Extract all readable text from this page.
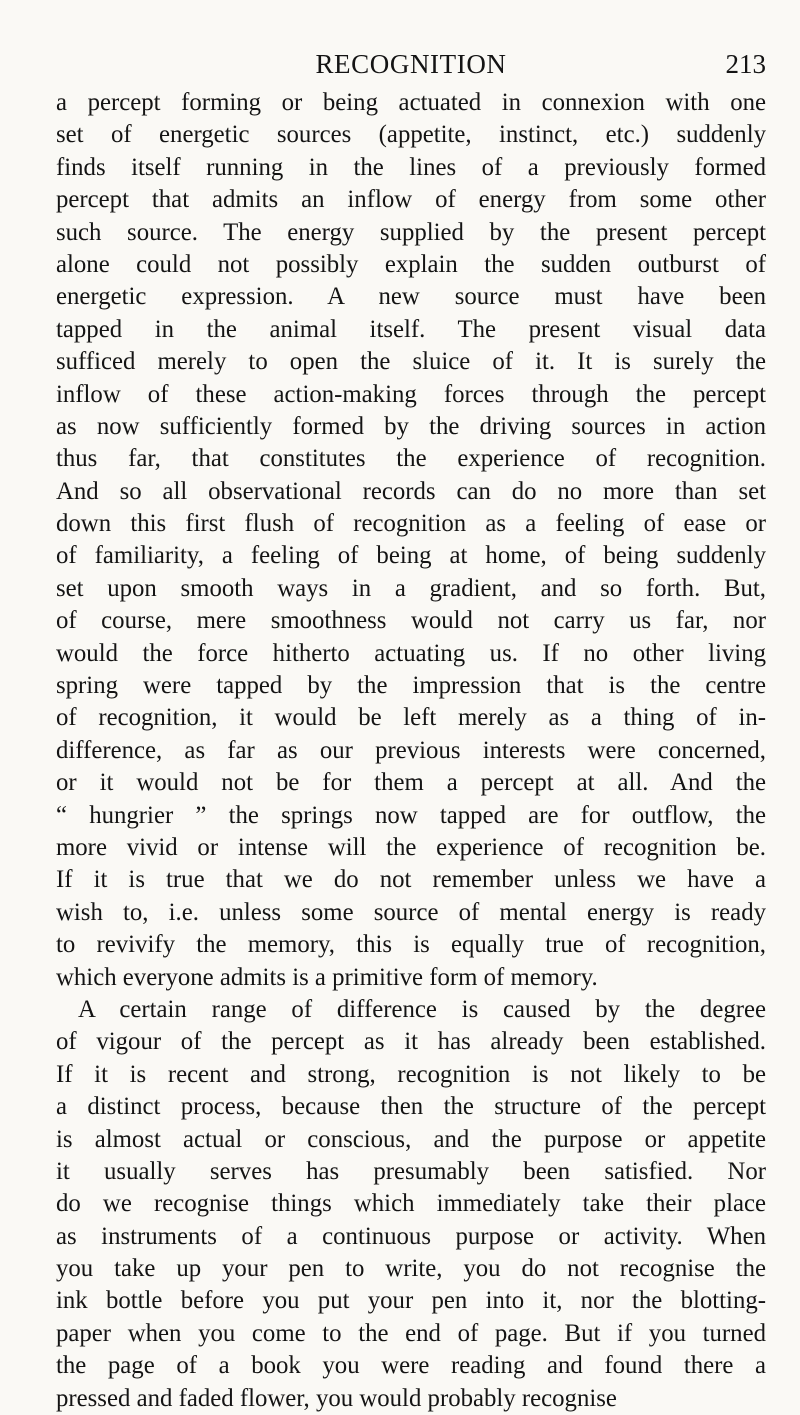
RECOGNITION	213
a percept forming or being actuated in connexion with one
set of energetic sources (appetite, instinct, etc.) suddenly
finds itself running in the lines of a previously formed
percept that admits an inflow of energy from some other
such source. The energy supplied by the present percept
alone could not possibly explain the sudden outburst of
energetic expression. A new source must have been
tapped in the animal itself. The present visual data
sufficed merely to open the sluice of it. It is surely the
inflow of these action-making forces through the percept
as now sufficiently formed by the driving sources in action
thus far, that constitutes the experience of recognition.
And so all observational records can do no more than set
down this first flush of recognition as a feeling of ease or
of familiarity, a feeling of being at home, of being suddenly
set upon smooth ways in a gradient, and so forth. But,
of course, mere smoothness would not carry us far, nor
would the force hitherto actuating us. If no other living
spring were tapped by the impression that is the centre
of recognition, it would be left merely as a thing of in-
difference, as far as our previous interests were concerned,
or it would not be for them a percept at all. And the
“ hungrier ” the springs now tapped are for outflow, the
more vivid or intense will the experience of recognition be.
If it is true that we do not remember unless we have a
wish to, i.e. unless some source of mental energy is ready
to revivify the memory, this is equally true of recognition,
which everyone admits is a primitive form of memory.
A certain range of difference is caused by the degree
of vigour of the percept as it has already been established.
If it is recent and strong, recognition is not likely to be
a distinct process, because then the structure of the percept
is almost actual or conscious, and the purpose or appetite
it usually serves has presumably been satisfied. Nor
do we recognise things which immediately take their place
as instruments of a continuous purpose or activity. When
you take up your pen to write, you do not recognise the
ink bottle before you put your pen into it, nor the blotting-
paper when you come to the end of page. But if you turned
the page of a book you were reading and found there a
pressed and faded flower, you would probably recognise
